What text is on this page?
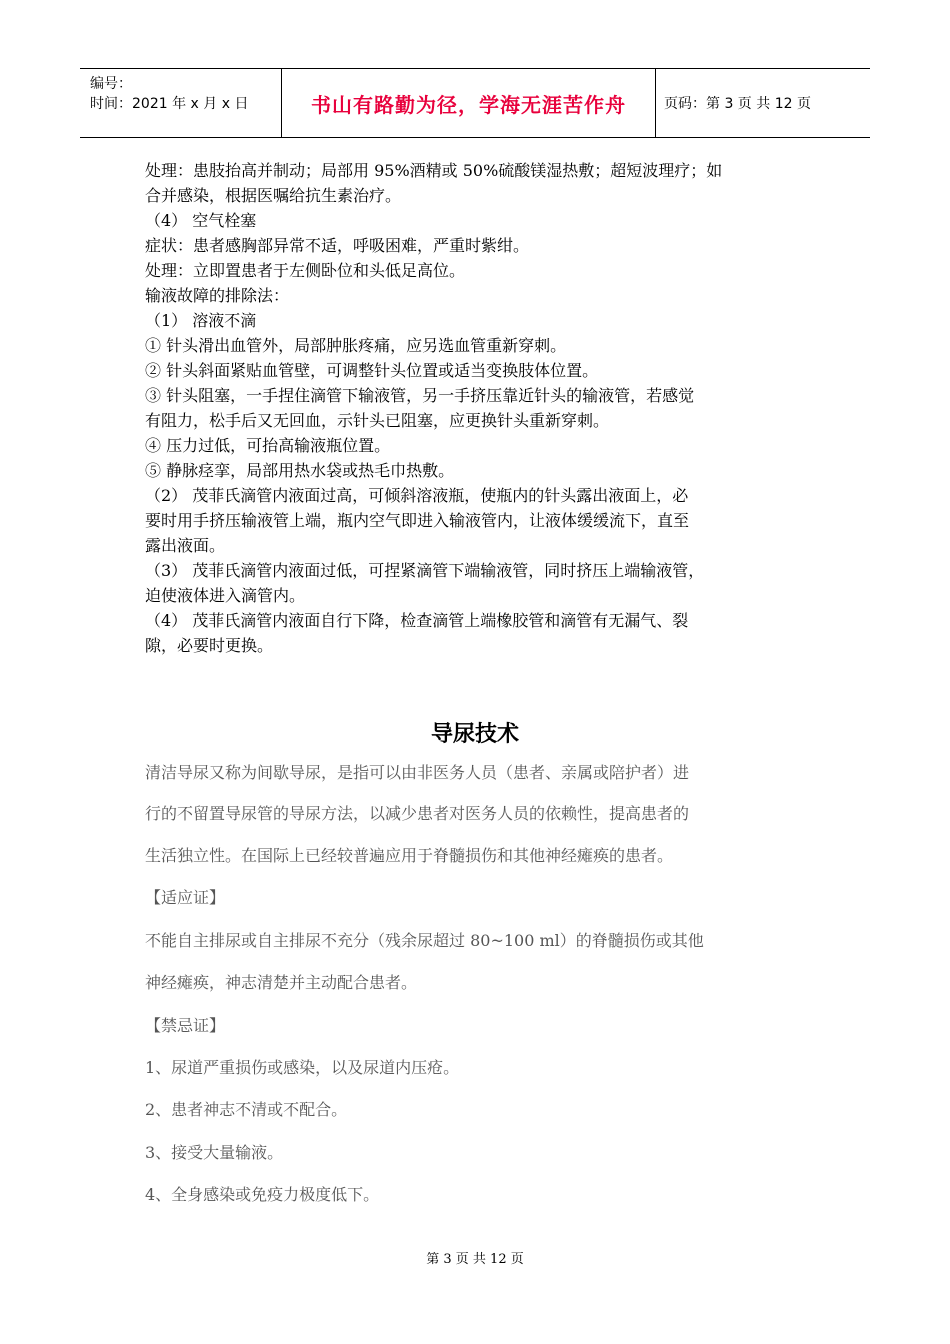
编号：
时间：2021 年 x 月 x 日	书山有路勤为径，学海无涯苦作舟	页码：第 3 页 共 12 页
处理：患肢抬高并制动；局部用 95%酒精或 50%硫酸镁湿热敷；超短波理疗；如
合并感染，根据医嘱给抗生素治疗。
（4） 空气栓塞
症状：患者感胸部异常不适，呼吸困难，严重时紫绀。
处理：立即置患者于左侧卧位和头低足高位。
输液故障的排除法：
（1） 溶液不滴
① 针头滑出血管外，局部肿胀疼痛，应另选血管重新穿刺。
② 针头斜面紧贴血管壁，可调整针头位置或适当变换肢体位置。
③ 针头阻塞，一手捏住滴管下输液管，另一手挤压靠近针头的输液管，若感觉
有阻力，松手后又无回血，示针头已阻塞，应更换针头重新穿刺。
④ 压力过低，可抬高输液瓶位置。
⑤ 静脉痉挛，局部用热水袋或热毛巾热敷。
（2） 茂菲氏滴管内液面过高，可倾斜溶液瓶，使瓶内的针头露出液面上，必
要时用手挤压输液管上端，瓶内空气即进入输液管内，让液体缓缓流下，直至
露出液面。
（3） 茂菲氏滴管内液面过低，可捏紧滴管下端输液管，同时挤压上端输液管，
迫使液体进入滴管内。
（4） 茂菲氏滴管内液面自行下降，检查滴管上端橡胶管和滴管有无漏气、裂
隙，必要时更换。
导尿技术
清洁导尿又称为间歇导尿，是指可以由非医务人员（患者、亲属或陪护者）进
行的不留置导尿管的导尿方法，以减少患者对医务人员的依赖性，提高患者的
生活独立性。在国际上已经较普遍应用于脊髓损伤和其他神经瘫痪的患者。
【适应证】
不能自主排尿或自主排尿不充分（残余尿超过 80~100 ml）的脊髓损伤或其他
神经瘫痪，神志清楚并主动配合患者。
【禁忌证】
1、尿道严重损伤或感染，以及尿道内压疮。
2、患者神志不清或不配合。
3、接受大量输液。
4、全身感染或免疫力极度低下。
第 3 页 共 12 页
